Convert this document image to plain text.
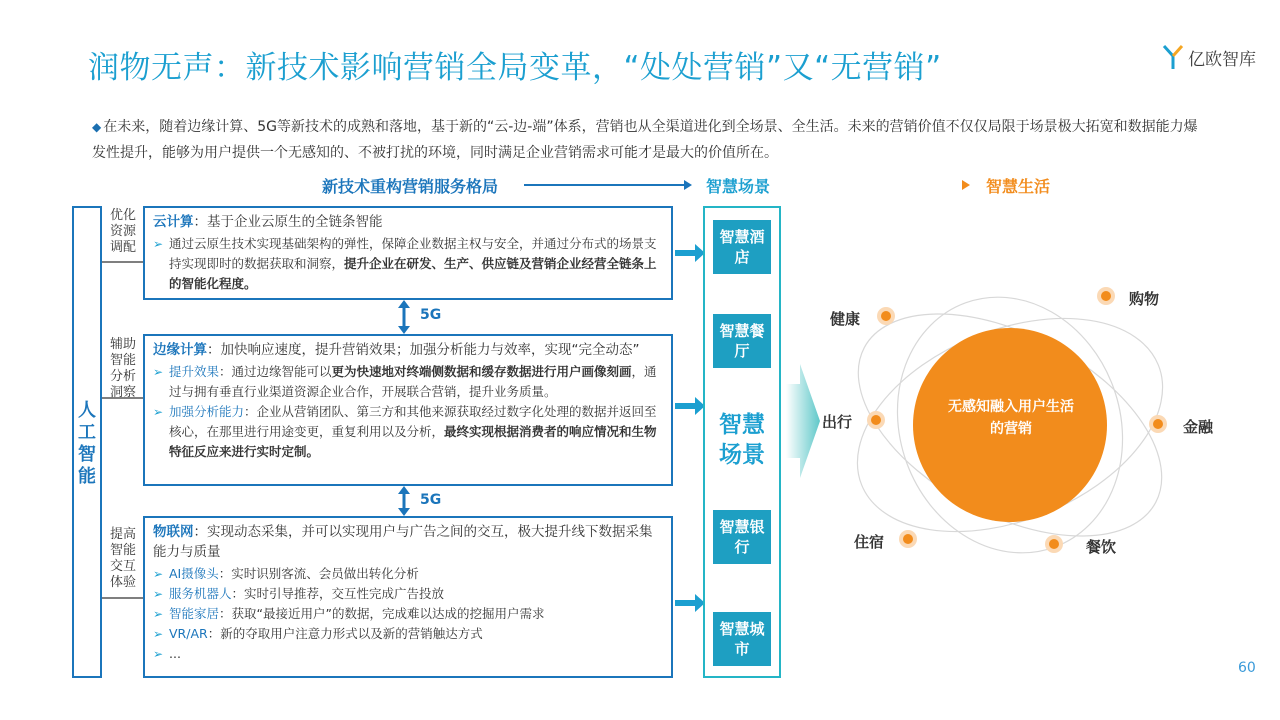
润物无声：新技术影响营销全局变革，“处处营销”又“无营销”	亿欧智库
◆ 在未来，随着边缘计算、5G等新技术的成熟和落地，基于新的“云-边-端”体系，营销也从全渠道进化到全场景、全生活。未来的营销价值不仅仅局限于场景极大拓宽和数据能力爆发性提升，能够为用户提供一个无感知的、不被打扰的环境，同时满足企业营销需求可能才是最大的价值所在。
新技术重构营销服务格局	智慧场景	智慧生活
人工智能
优化资源调配
辅助智能分析洞察
提高智能交互体验
云计算：基于企业云原生的全链条智能
➢ 通过云原生技术实现基础架构的弹性，保障企业数据主权与安全，并通过分布式的场景支持实现即时的数据获取和洞察，提升企业在研发、生产、供应链及营销企业经营全链条上的智能化程度。
5G
边缘计算：加快响应速度，提升营销效果；加强分析能力与效率，实现“完全动态”
➢ 提升效果：通过边缘智能可以更为快速地对终端侧数据和缓存数据进行用户画像刻画，通过与拥有垂直行业渠道资源企业合作，开展联合营销，提升业务质量。
➢ 加强分析能力：企业从营销团队、第三方和其他来源获取经过数字化处理的数据并返回至核心，在那里进行用途变更，重复利用以及分析，最终实现根据消费者的响应情况和生物特征反应来进行实时定制。
5G
物联网：实现动态采集，并可以实现用户与广告之间的交互，极大提升线下数据采集能力与质量
➢ AI摄像头：实时识别客流、会员做出转化分析
➢ 服务机器人：实时引导推荐，交互性完成广告投放
➢ 智能家居：获取“最接近用户”的数据，完成难以达成的挖掘用户需求
➢ VR/AR：新的夺取用户注意力形式以及新的营销触达方式
➢ ...
智慧酒店
智慧餐厅
智慧银行
智慧城市
智慧场景
无感知融入用户生活的营销
健康
购物
出行	金融
住宿	餐饮
60
